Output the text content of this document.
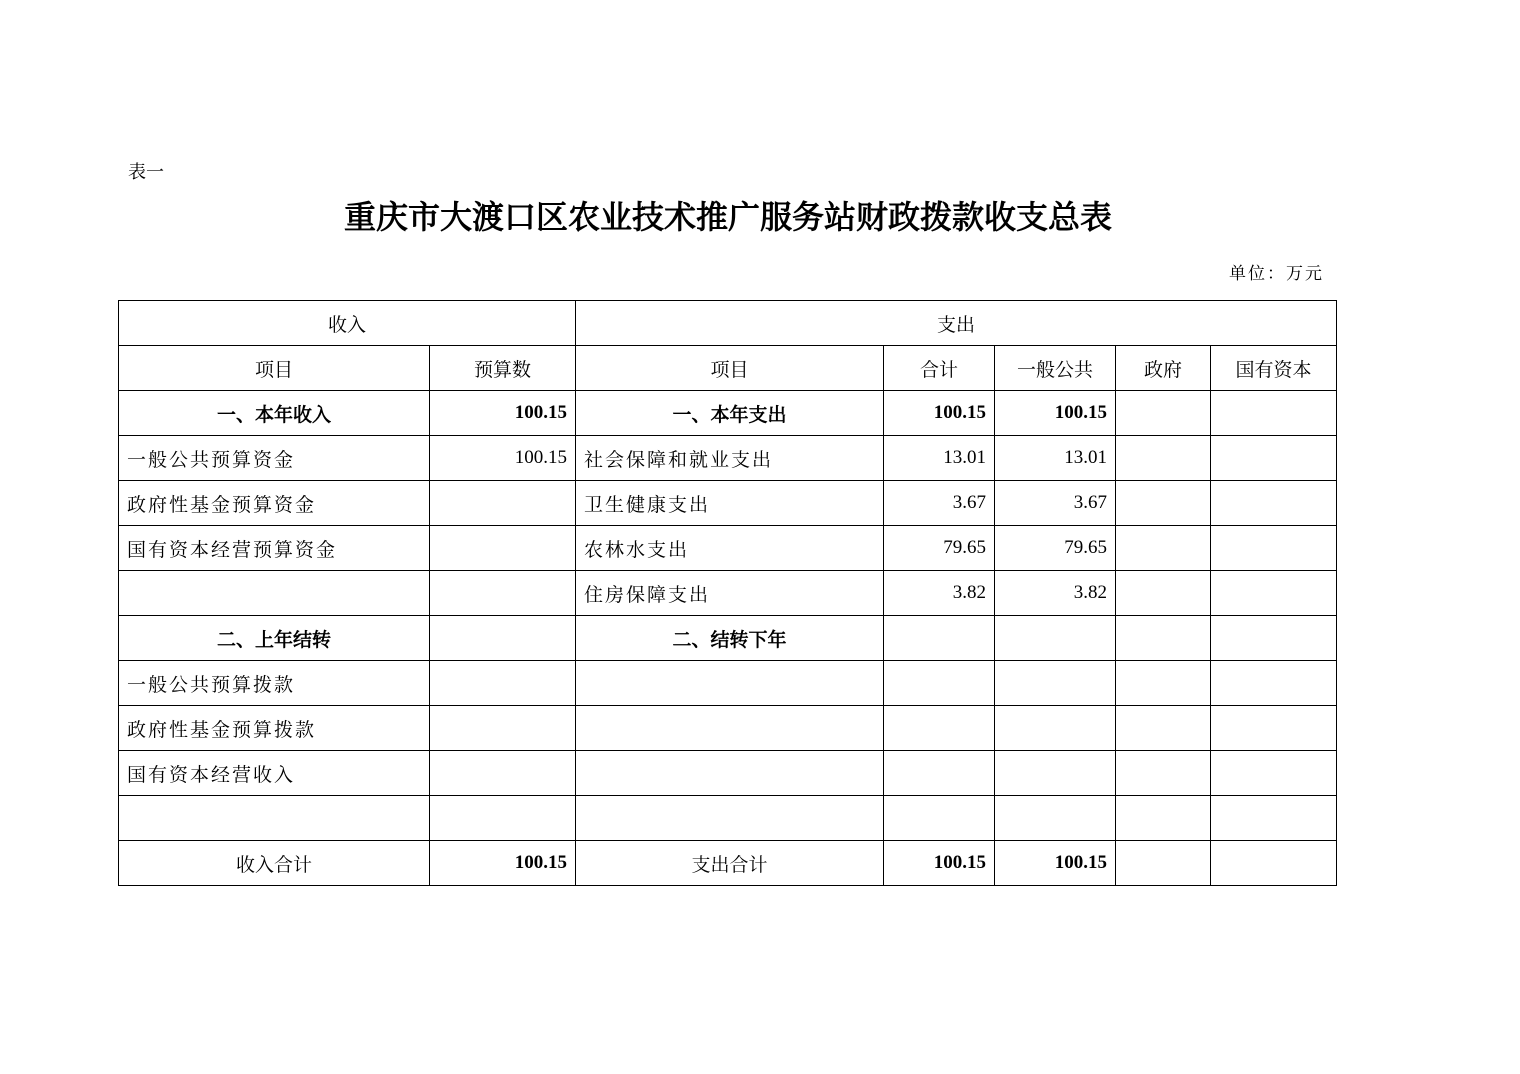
表一
重庆市大渡口区农业技术推广服务站财政拨款收支总表
单位：万元
收入		支出				
项目	预算数	项目	合计	一般公共	政府	国有资本
一、本年收入	100.15	一、本年支出	100.15	100.15		
一般公共预算资金	100.15	社会保障和就业支出	13.01	13.01		
政府性基金预算资金		卫生健康支出	3.67	3.67		
国有资本经营预算资金		农林水支出	79.65	79.65		
		住房保障支出	3.82	3.82		
二、上年结转		二、结转下年				
一般公共预算拨款						
政府性基金预算拨款						
国有资本经营收入						

收入合计	100.15	支出合计	100.15	100.15		
